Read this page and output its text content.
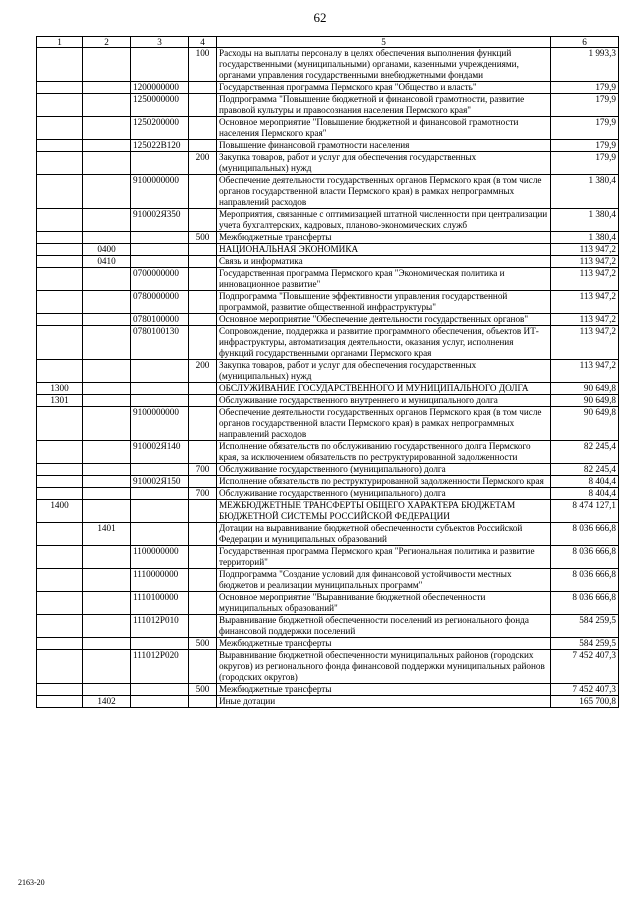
62
1	2	3	4	5	6
			100	Расходы на выплаты персоналу в целях обеспечения выполнения функций государственными (муниципальными) органами, казенными учреждениями, органами управления государственными внебюджетными фондами	1 993,3
		1200000000		Государственная программа Пермского края "Общество и власть"	179,9
		1250000000		Подпрограмма "Повышение бюджетной и финансовой грамотности, развитие правовой культуры и правосознания населения Пермского края"	179,9
		1250200000		Основное мероприятие "Повышение бюджетной и финансовой грамотности населения Пермского края"	179,9
		125022В120		Повышение финансовой грамотности населения	179,9
			200	Закупка товаров, работ и услуг для обеспечения государственных (муниципальных) нужд	179,9
		9100000000		Обеспечение деятельности государственных органов Пермского края (в том числе органов государственной власти Пермского края) в рамках непрограммных направлений расходов	1 380,4
		910002Я350		Мероприятия, связанные с оптимизацией штатной численности при централизации учета бухгалтерских, кадровых, планово-экономических служб	1 380,4
			500	Межбюджетные трансферты	1 380,4
	0400			НАЦИОНАЛЬНАЯ ЭКОНОМИКА	113 947,2
	0410			Связь и информатика	113 947,2
		0700000000		Государственная программа Пермского края "Экономическая политика и инновационное развитие"	113 947,2
		0780000000		Подпрограмма "Повышение эффективности управления государственной программой, развитие общественной инфраструктуры"	113 947,2
		0780100000		Основное мероприятие "Обеспечение деятельности государственных органов"	113 947,2
		0780100130		Сопровождение, поддержка и развитие программного обеспечения, объектов ИТ-инфраструктуры, автоматизация деятельности, оказания услуг, исполнения функций государственными органами Пермского края	113 947,2
			200	Закупка товаров, работ и услуг для обеспечения государственных (муниципальных) нужд	113 947,2
1300				ОБСЛУЖИВАНИЕ ГОСУДАРСТВЕННОГО И МУНИЦИПАЛЬНОГО ДОЛГА	90 649,8
1301				Обслуживание государственного внутреннего и муниципального долга	90 649,8
		9100000000		Обеспечение деятельности государственных органов Пермского края (в том числе органов государственной власти Пермского края) в рамках непрограммных направлений расходов	90 649,8
		910002Я140		Исполнение обязательств по обслуживанию государственного долга Пермского края, за исключением обязательств по реструктурированной задолженности	82 245,4
			700	Обслуживание государственного (муниципального) долга	82 245,4
		910002Я150		Исполнение обязательств по реструктурированной задолженности Пермского края	8 404,4
			700	Обслуживание государственного (муниципального) долга	8 404,4
1400				МЕЖБЮДЖЕТНЫЕ ТРАНСФЕРТЫ ОБЩЕГО ХАРАКТЕРА БЮДЖЕТАМ БЮДЖЕТНОЙ СИСТЕМЫ РОССИЙСКОЙ ФЕДЕРАЦИИ	8 474 127,1
	1401			Дотации на выравнивание бюджетной обеспеченности субъектов Российской Федерации и муниципальных образований	8 036 666,8
		1100000000		Государственная программа Пермского края "Региональная политика и развитие территорий"	8 036 666,8
		1110000000		Подпрограмма "Создание условий для финансовой устойчивости местных бюджетов и реализации муниципальных программ"	8 036 666,8
		1110100000		Основное мероприятие "Выравнивание бюджетной обеспеченности муниципальных образований"	8 036 666,8
		111012Р010		Выравнивание бюджетной обеспеченности поселений из регионального фонда финансовой поддержки поселений	584 259,5
			500	Межбюджетные трансферты	584 259,5
		111012Р020		Выравнивание бюджетной обеспеченности муниципальных районов (городских округов) из регионального фонда финансовой поддержки муниципальных районов (городских округов)	7 452 407,3
			500	Межбюджетные трансферты	7 452 407,3
	1402			Иные дотации	165 700,8
2163-20
